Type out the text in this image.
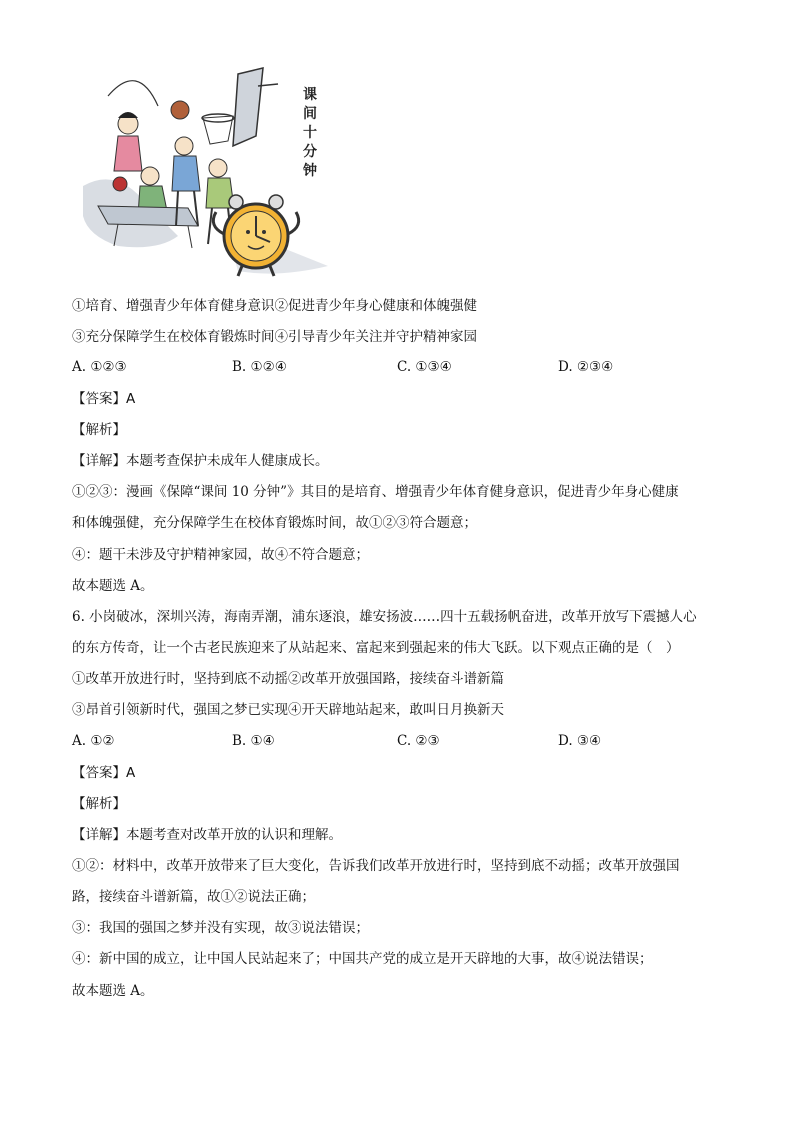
课间十分钟
①培育、增强青少年体育健身意识②促进青少年身心健康和体魄强健
③充分保障学生在校体育锻炼时间④引导青少年关注并守护精神家园
A. ①②③	B. ①②④	C. ①③④	D. ②③④
【答案】A
【解析】
【详解】本题考查保护未成年人健康成长。
①②③：漫画《保障“课间 10 分钟”》其目的是培育、增强青少年体育健身意识，促进青少年身心健康
和体魄强健，充分保障学生在校体育锻炼时间，故①②③符合题意；
④：题干未涉及守护精神家园，故④不符合题意；
故本题选 A。
6. 小岗破冰，深圳兴涛，海南弄潮，浦东逐浪，雄安扬波……四十五载扬帆奋进，改革开放写下震撼人心
的东方传奇，让一个古老民族迎来了从站起来、富起来到强起来的伟大飞跃。以下观点正确的是（　）
①改革开放进行时，坚持到底不动摇②改革开放强国路，接续奋斗谱新篇
③昂首引领新时代，强国之梦已实现④开天辟地站起来，敢叫日月换新天
A. ①②	B. ①④	C. ②③	D. ③④
【答案】A
【解析】
【详解】本题考查对改革开放的认识和理解。
①②：材料中，改革开放带来了巨大变化，告诉我们改革开放进行时，坚持到底不动摇；改革开放强国
路，接续奋斗谱新篇，故①②说法正确；
③：我国的强国之梦并没有实现，故③说法错误；
④：新中国的成立，让中国人民站起来了；中国共产党的成立是开天辟地的大事，故④说法错误；
故本题选 A。
